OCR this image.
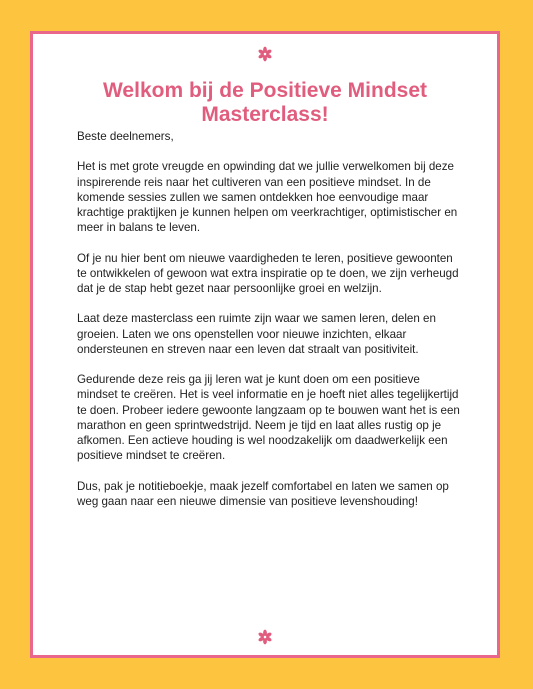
Welkom bij de Positieve Mindset Masterclass!

Beste deelnemers,

Het is met grote vreugde en opwinding dat we jullie verwelkomen bij deze inspirerende reis naar het cultiveren van een positieve mindset. In de komende sessies zullen we samen ontdekken hoe eenvoudige maar krachtige praktijken je kunnen helpen om veerkrachtiger, optimistischer en meer in balans te leven.

Of je nu hier bent om nieuwe vaardigheden te leren, positieve gewoonten te ontwikkelen of gewoon wat extra inspiratie op te doen, we zijn verheugd dat je de stap hebt gezet naar persoonlijke groei en welzijn.

Laat deze masterclass een ruimte zijn waar we samen leren, delen en groeien. Laten we ons openstellen voor nieuwe inzichten, elkaar ondersteunen en streven naar een leven dat straalt van positiviteit.

Gedurende deze reis ga jij leren wat je kunt doen om een positieve mindset te creëren. Het is veel informatie en je hoeft niet alles tegelijkertijd te doen. Probeer iedere gewoonte langzaam op te bouwen want het is een marathon en geen sprintwedstrijd. Neem je tijd en laat alles rustig op je afkomen. Een actieve houding is wel noodzakelijk om daadwerkelijk een positieve mindset te creëren.

Dus, pak je notitieboekje, maak jezelf comfortabel en laten we samen op weg gaan naar een nieuwe dimensie van positieve levenshouding!
